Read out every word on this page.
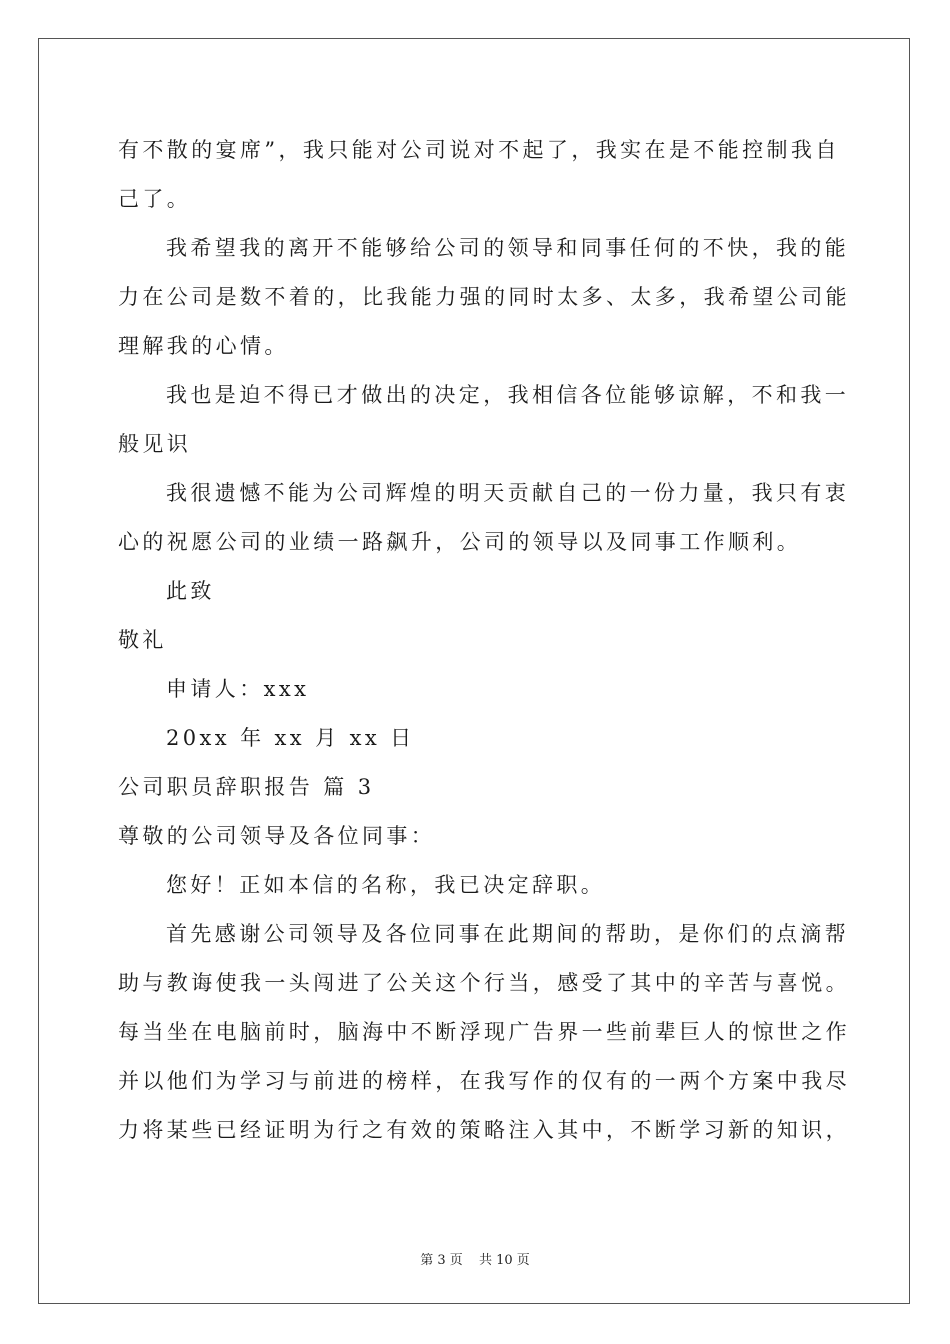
有不散的宴席”，我只能对公司说对不起了，我实在是不能控制我自
己了。
我希望我的离开不能够给公司的领导和同事任何的不快，我的能
力在公司是数不着的，比我能力强的同时太多、太多，我希望公司能
理解我的心情。
我也是迫不得已才做出的决定，我相信各位能够谅解，不和我一
般见识
我很遗憾不能为公司辉煌的明天贡献自己的一份力量，我只有衷
心的祝愿公司的业绩一路飙升，公司的领导以及同事工作顺利。
此致
敬礼
申请人：xxx
20xx 年 xx 月 xx 日
公司职员辞职报告 篇 3
尊敬的公司领导及各位同事：
您好！正如本信的名称，我已决定辞职。
首先感谢公司领导及各位同事在此期间的帮助，是你们的点滴帮
助与教诲使我一头闯进了公关这个行当，感受了其中的辛苦与喜悦。
每当坐在电脑前时，脑海中不断浮现广告界一些前辈巨人的惊世之作
并以他们为学习与前进的榜样，在我写作的仅有的一两个方案中我尽
力将某些已经证明为行之有效的策略注入其中，不断学习新的知识，
第 3 页 共 10 页
